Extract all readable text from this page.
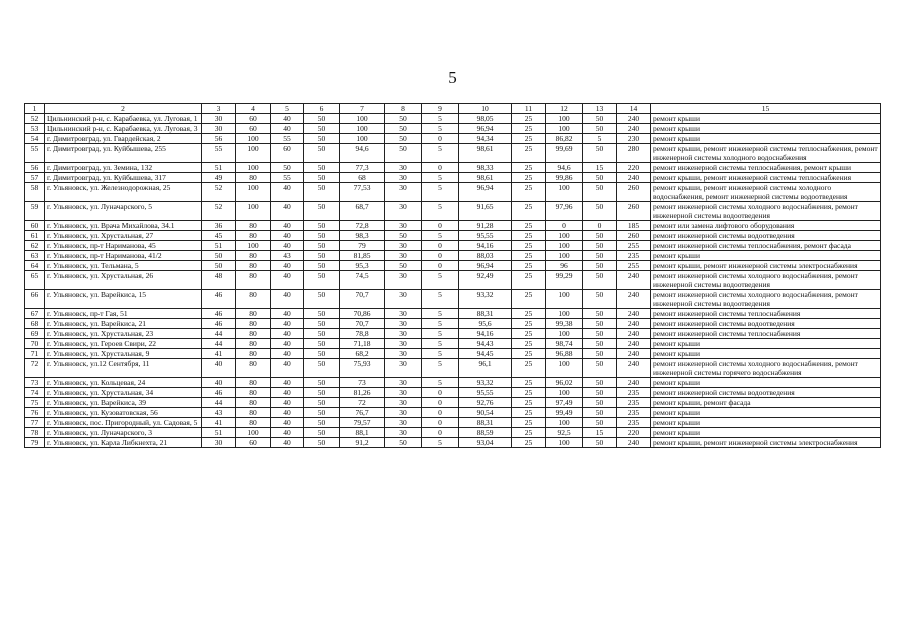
5
1	2	3	4	5	6	7	8	9	10	11	12	13	14	15
52	Цильнинский р-н, с. Карабаевка, ул. Луговая, 1	30	60	40	50	100	50	5	98,05	25	100	50	240	ремонт крыши
53	Цильнинский р-н, с. Карабаевка, ул. Луговая, 3	30	60	40	50	100	50	5	96,94	25	100	50	240	ремонт крыши
54	г. Димитровград, ул. Гвардейская, 2	56	100	55	50	100	50	0	94,34	25	86,82	5	230	ремонт крыши
55	г. Димитровград, ул. Куйбышева, 255	55	100	60	50	94,6	50	5	98,61	25	99,69	50	280	ремонт крыши, ремонт инженерной системы теплоснабжения, ремонт инженерной системы холодного водоснабжения
56	г. Димитровград, ул. Земина, 132	51	100	50	50	77,3	30	0	98,33	25	94,6	15	220	ремонт инженерной системы теплоснабжения, ремонт крыши
57	г. Димитровград, ул. Куйбышева, 317	49	80	55	50	68	30	5	98,61	25	99,86	50	240	ремонт крыши, ремонт инженерной системы теплоснабжения
58	г. Ульяновск, ул. Железнодорожная, 25	52	100	40	50	77,53	30	5	96,94	25	100	50	260	ремонт крыши, ремонт инженерной системы холодного водоснабжения, ремонт инженерной системы водоотведения
59	г. Ульяновск, ул. Луначарского, 5	52	100	40	50	68,7	30	5	91,65	25	97,96	50	260	ремонт инженерной системы холодного водоснабжения, ремонт инженерной системы водоотведения
60	г. Ульяновск, ул. Врача Михайлова, 34.1	36	80	40	50	72,8	30	0	91,28	25	0	0	185	ремонт или замена лифтового оборудования
61	г. Ульяновск, ул. Хрустальная, 27	45	80	40	50	98,3	50	5	95,55	25	100	50	260	ремонт инженерной системы водоотведения
62	г. Ульяновск, пр-т Нариманова, 45	51	100	40	50	79	30	0	94,16	25	100	50	255	ремонт инженерной системы теплоснабжения, ремонт фасада
63	г. Ульяновск, пр-т Нариманова, 41/2	50	80	43	50	81,85	30	0	88,03	25	100	50	235	ремонт крыши
64	г. Ульяновск, ул. Тельмана, 5	50	80	40	50	95,3	50	0	96,94	25	96	50	255	ремонт крыши, ремонт инженерной системы электроснабжения
65	г. Ульяновск, ул. Хрустальная, 26	48	80	40	50	74,5	30	5	92,49	25	99,29	50	240	ремонт инженерной системы холодного водоснабжения, ремонт инженерной системы водоотведения
66	г. Ульяновск, ул. Варейкиса, 15	46	80	40	50	70,7	30	5	93,32	25	100	50	240	ремонт инженерной системы холодного водоснабжения, ремонт инженерной системы водоотведения
67	г. Ульяновск, пр-т Гая, 51	46	80	40	50	70,86	30	5	88,31	25	100	50	240	ремонт инженерной системы теплоснабжения
68	г. Ульяновск, ул. Варейкиса, 21	46	80	40	50	70,7	30	5	95,6	25	99,38	50	240	ремонт инженерной системы водоотведения
69	г. Ульяновск, ул. Хрустальная, 23	44	80	40	50	78,8	30	5	94,16	25	100	50	240	ремонт инженерной системы теплоснабжения
70	г. Ульяновск, ул. Героев Свири, 22	44	80	40	50	71,18	30	5	94,43	25	98,74	50	240	ремонт крыши
71	г. Ульяновск, ул. Хрустальная, 9	41	80	40	50	68,2	30	5	94,45	25	96,88	50	240	ремонт крыши
72	г. Ульяновск, ул.12 Сентября, 11	40	80	40	50	75,93	30	5	96,1	25	100	50	240	ремонт инженерной системы холодного водоснабжения, ремонт инженерной системы горячего водоснабжения
73	г. Ульяновск, ул. Кольцевая, 24	40	80	40	50	73	30	5	93,32	25	96,02	50	240	ремонт крыши
74	г. Ульяновск, ул. Хрустальная, 34	46	80	40	50	81,26	30	0	95,55	25	100	50	235	ремонт инженерной системы водоотведения
75	г. Ульяновск, ул. Варейкиса, 39	44	80	40	50	72	30	0	92,76	25	97,49	50	235	ремонт крыши, ремонт фасада
76	г. Ульяновск, ул. Кузоватовская, 56	43	80	40	50	76,7	30	0	90,54	25	99,49	50	235	ремонт крыши
77	г. Ульяновск, пос. Пригородный, ул. Садовая, 5	41	80	40	50	79,57	30	0	88,31	25	100	50	235	ремонт крыши
78	г. Ульяновск, ул. Луначарского, 3	51	100	40	50	88,1	30	0	88,59	25	92,5	15	220	ремонт крыши
79	г. Ульяновск, ул. Карла Либкнехта, 21	30	60	40	50	91,2	50	5	93,04	25	100	50	240	ремонт крыши, ремонт инженерной системы электроснабжения
